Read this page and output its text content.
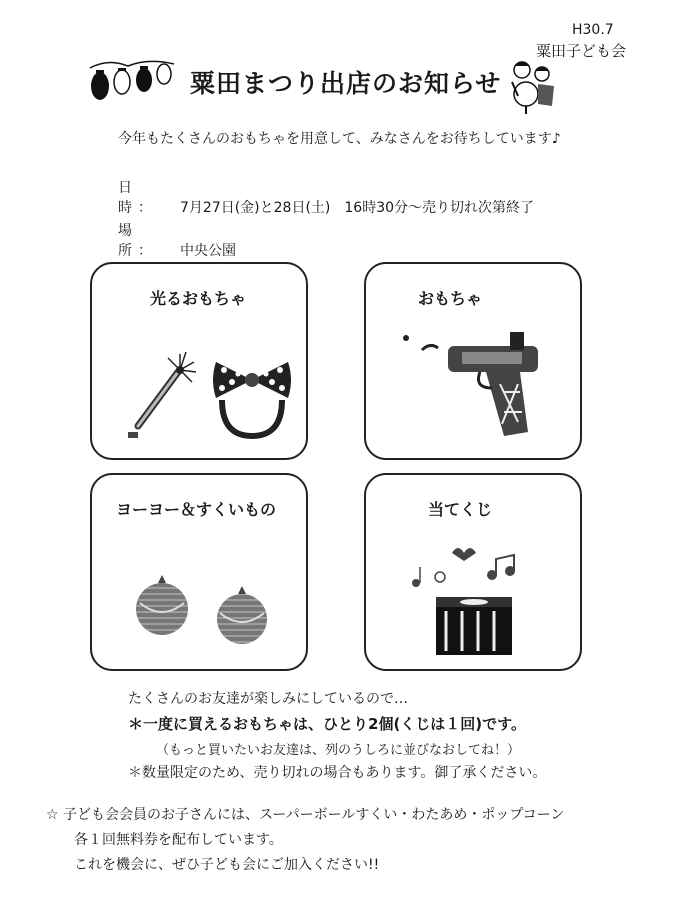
H30.7
粟田子ども会
粟田まつり出店のお知らせ
今年もたくさんのおもちゃを用意して、みなさんをお待ちしています♪
日　時： 7月27日(金)と28日(土)　16時30分～売り切れ次第終了
場　所： 中央公園
光るおもちゃ	おもちゃ
ヨーヨー＆すくいもの	当てくじ
たくさんのお友達が楽しみにしているので…
＊一度に買えるおもちゃは、ひとり2個(くじは１回)です。
（もっと買いたいお友達は、列のうしろに並びなおしてね！）
＊数量限定のため、売り切れの場合もあります。御了承ください。
☆ 子ども会会員のお子さんには、スーパーボールすくい・わたあめ・ポップコーン
各１回無料券を配布しています。
これを機会に、ぜひ子ども会にご加入ください!!
